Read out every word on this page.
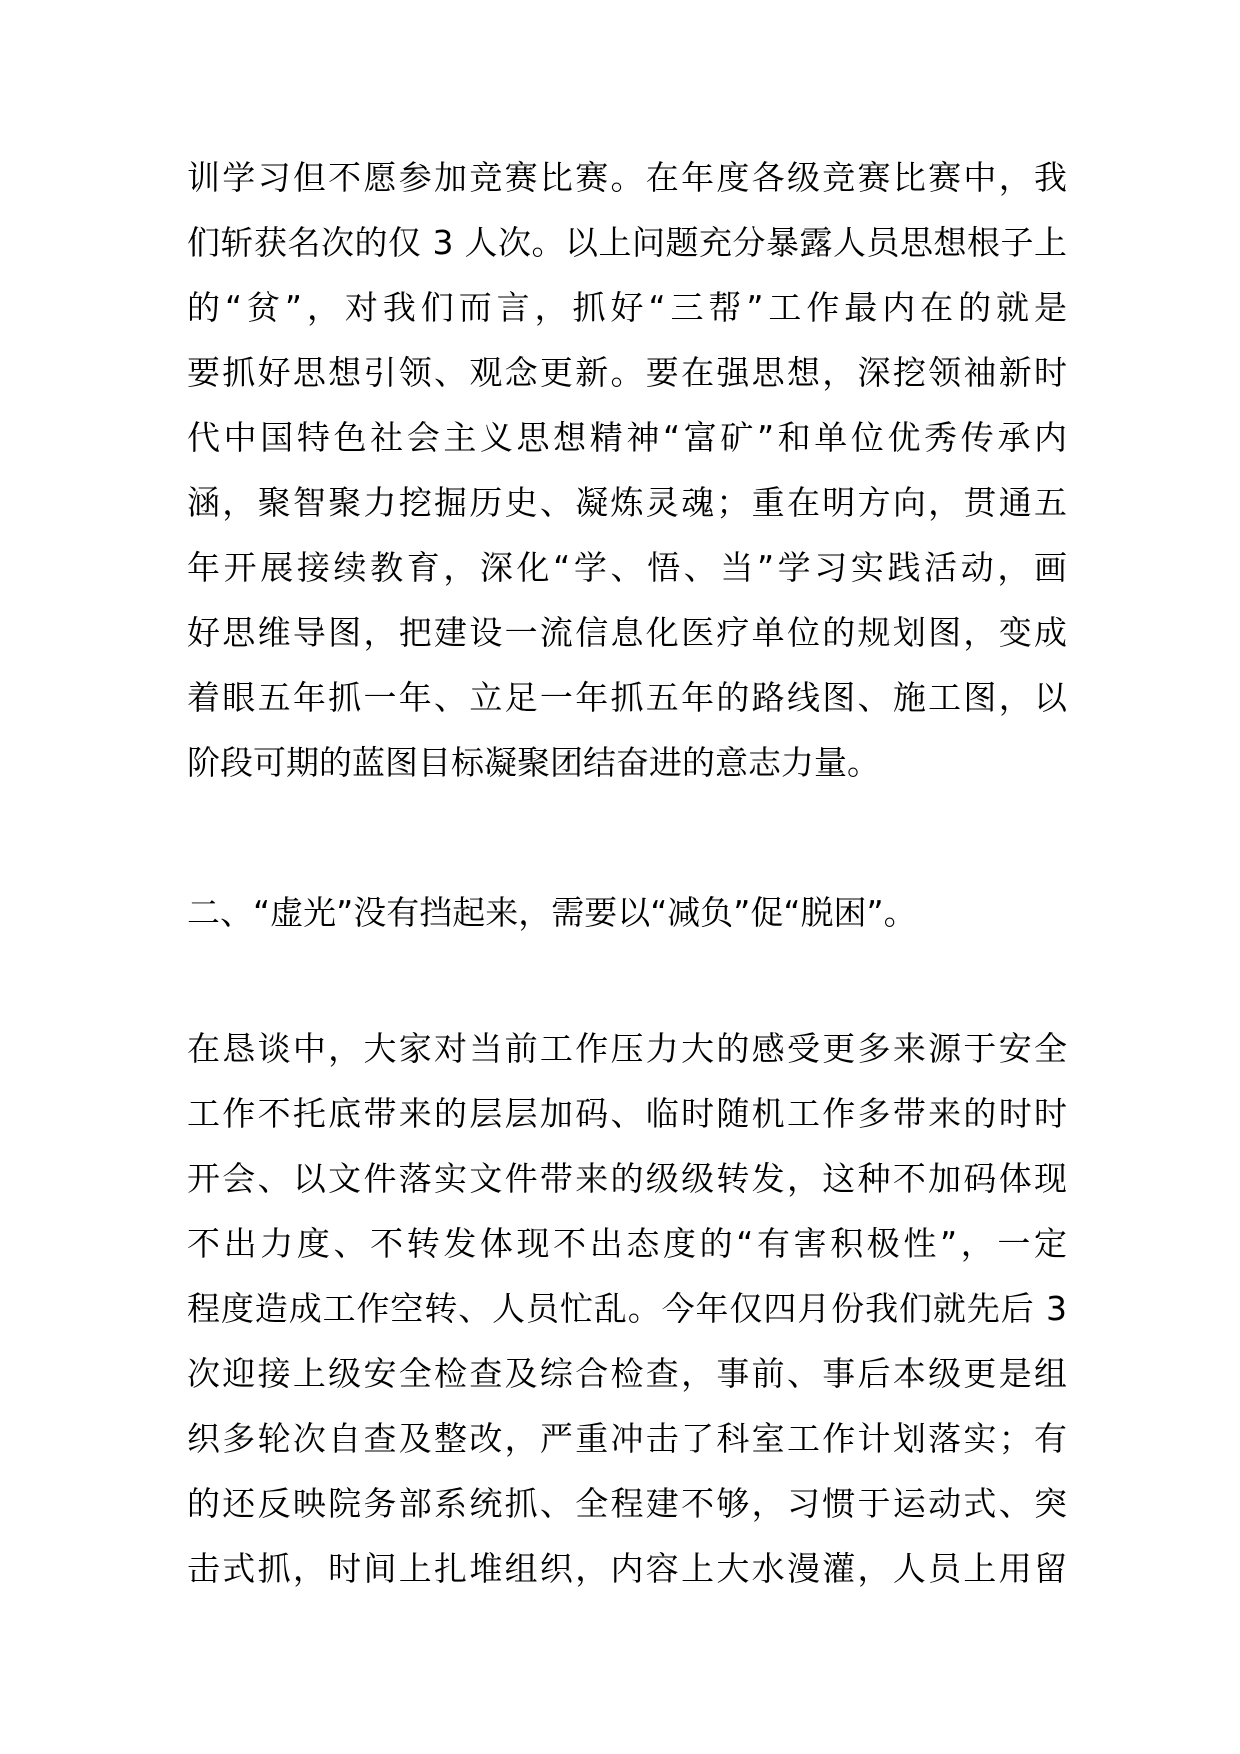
训学习但不愿参加竞赛比赛。在年度各级竞赛比赛中，我
们斩获名次的仅 3 人次。以上问题充分暴露人员思想根子上
的“贫”，对我们而言，抓好“三帮”工作最内在的就是
要抓好思想引领、观念更新。要在强思想，深挖领袖新时
代中国特色社会主义思想精神“富矿”和单位优秀传承内
涵，聚智聚力挖掘历史、凝炼灵魂；重在明方向，贯通五
年开展接续教育，深化“学、悟、当”学习实践活动，画
好思维导图，把建设一流信息化医疗单位的规划图，变成
着眼五年抓一年、立足一年抓五年的路线图、施工图，以
阶段可期的蓝图目标凝聚团结奋进的意志力量。
二、“虚光”没有挡起来，需要以“减负”促“脱困”。
在恳谈中，大家对当前工作压力大的感受更多来源于安全
工作不托底带来的层层加码、临时随机工作多带来的时时
开会、以文件落实文件带来的级级转发，这种不加码体现
不出力度、不转发体现不出态度的“有害积极性”，一定
程度造成工作空转、人员忙乱。今年仅四月份我们就先后 3
次迎接上级安全检查及综合检查，事前、事后本级更是组
织多轮次自查及整改，严重冲击了科室工作计划落实；有
的还反映院务部系统抓、全程建不够，习惯于运动式、突
击式抓，时间上扎堆组织，内容上大水漫灌，人员上用留
